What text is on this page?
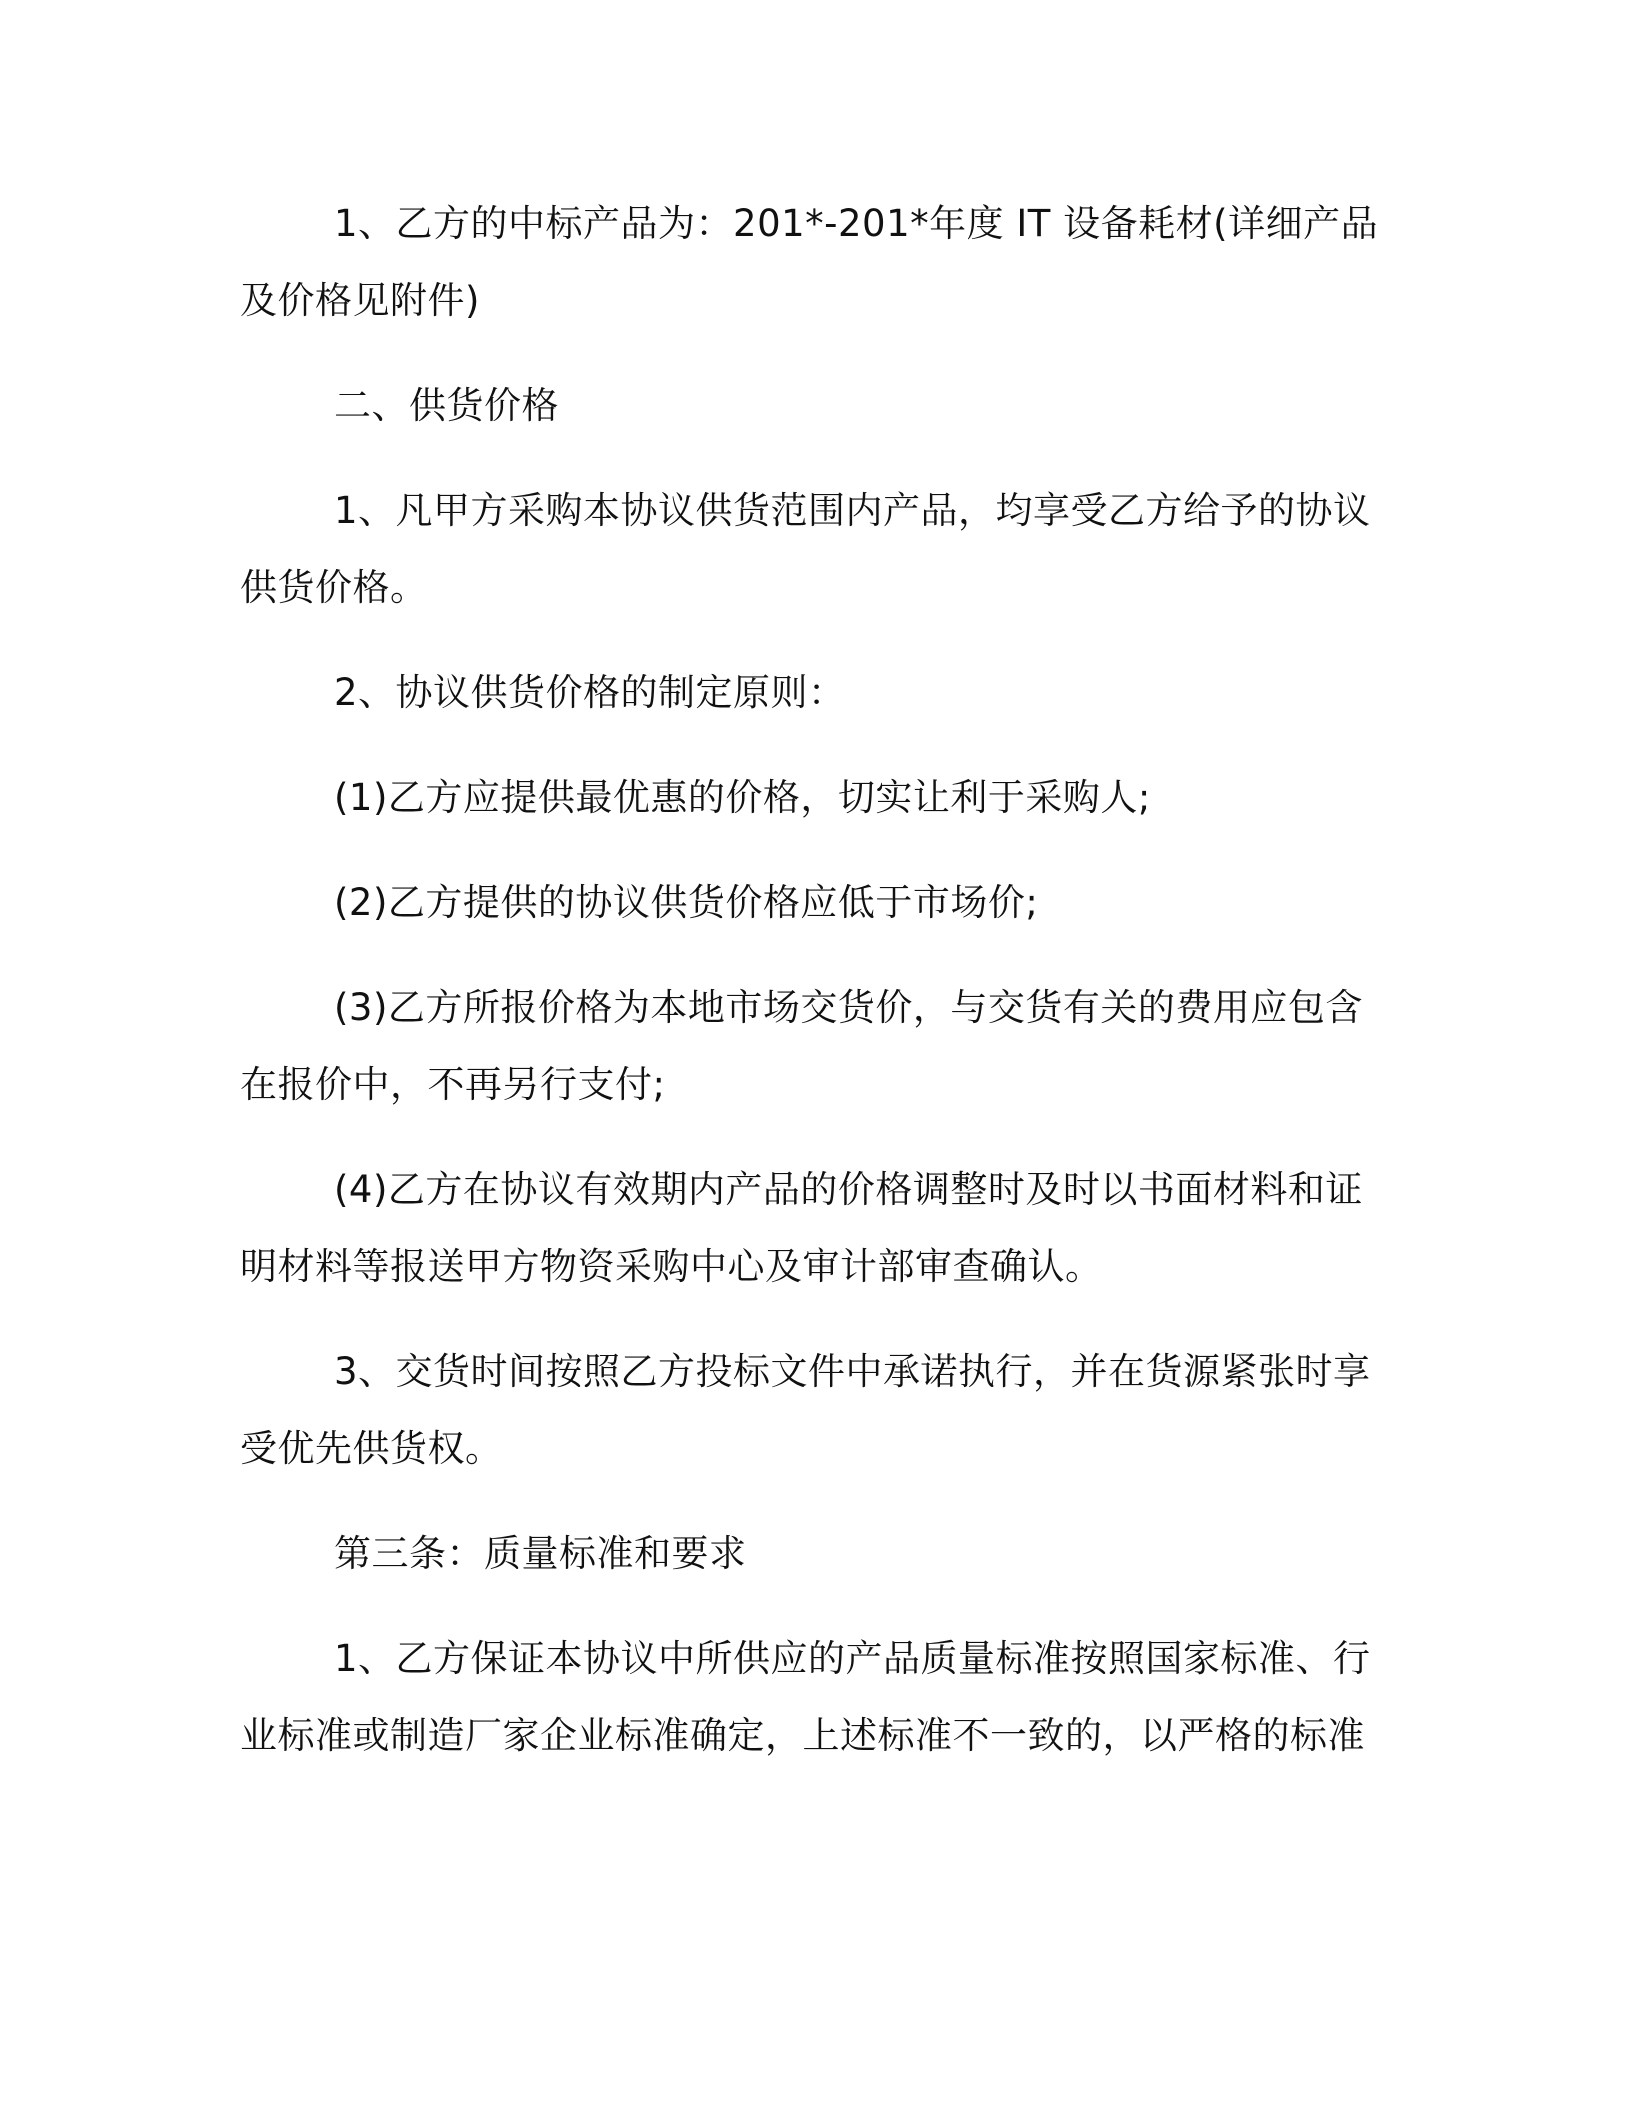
1、乙方的中标产品为：201*-201*年度 IT 设备耗材(详细产品及价格见附件)

二、供货价格

1、凡甲方采购本协议供货范围内产品，均享受乙方给予的协议供货价格。

2、协议供货价格的制定原则：

(1)乙方应提供最优惠的价格，切实让利于采购人;

(2)乙方提供的协议供货价格应低于市场价;

(3)乙方所报价格为本地市场交货价，与交货有关的费用应包含在报价中，不再另行支付;

(4)乙方在协议有效期内产品的价格调整时及时以书面材料和证明材料等报送甲方物资采购中心及审计部审查确认。

3、交货时间按照乙方投标文件中承诺执行，并在货源紧张时享受优先供货权。

第三条：质量标准和要求

1、乙方保证本协议中所供应的产品质量标准按照国家标准、行业标准或制造厂家企业标准确定，上述标准不一致的，以严格的标准
